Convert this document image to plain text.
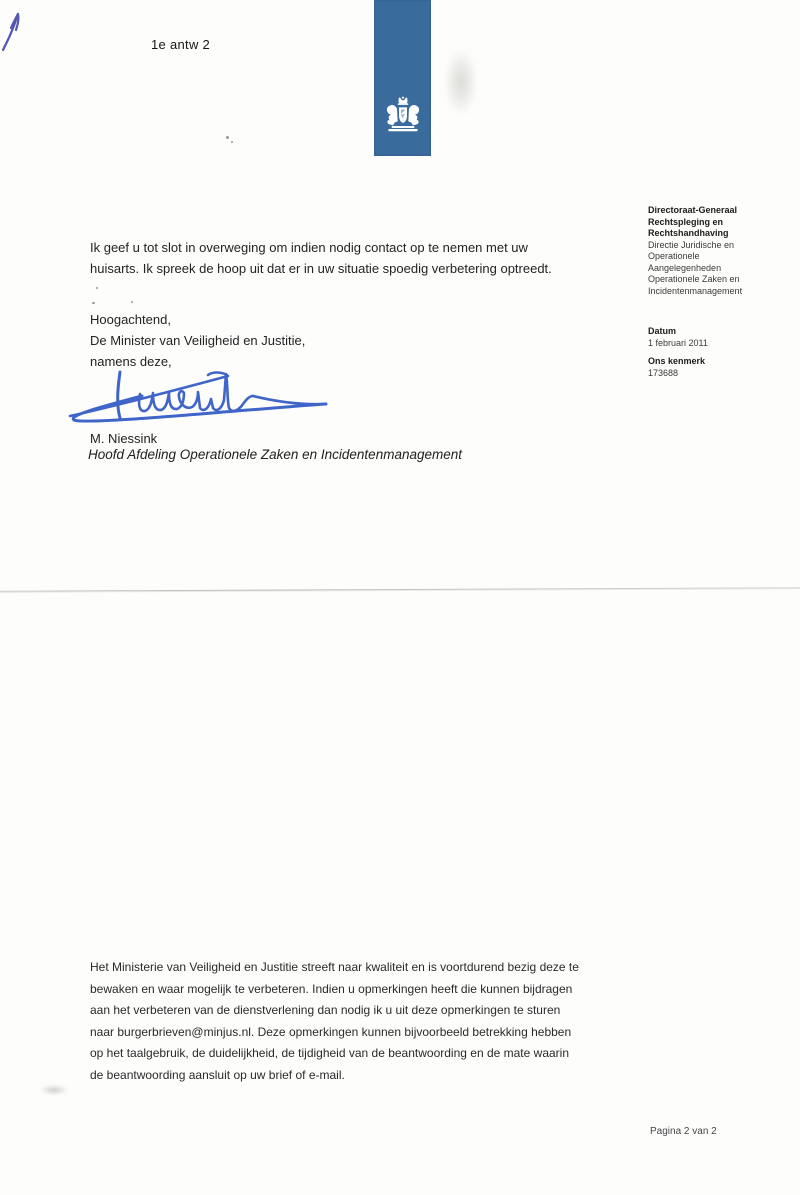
1e antw 2
Directoraat-Generaal
Rechtspleging en
Rechtshandhaving
Directie Juridische en
Operationele
Aangelegenheden
Operationele Zaken en
Incidentenmanagement
Datum
1 februari 2011
Ons kenmerk
173688
Ik geef u tot slot in overweging om indien nodig contact op te nemen met uw
huisarts. Ik spreek de hoop uit dat er in uw situatie spoedig verbetering optreedt.
Hoogachtend,
De Minister van Veiligheid en Justitie,
namens deze,
M. Niessink
Hoofd Afdeling Operationele Zaken en Incidentenmanagement
Het Ministerie van Veiligheid en Justitie streeft naar kwaliteit en is voortdurend bezig deze te
bewaken en waar mogelijk te verbeteren. Indien u opmerkingen heeft die kunnen bijdragen
aan het verbeteren van de dienstverlening dan nodig ik u uit deze opmerkingen te sturen
naar burgerbrieven@minjus.nl. Deze opmerkingen kunnen bijvoorbeeld betrekking hebben
op het taalgebruik, de duidelijkheid, de tijdigheid van de beantwoording en de mate waarin
de beantwoording aansluit op uw brief of e-mail.
Pagina 2 van 2
